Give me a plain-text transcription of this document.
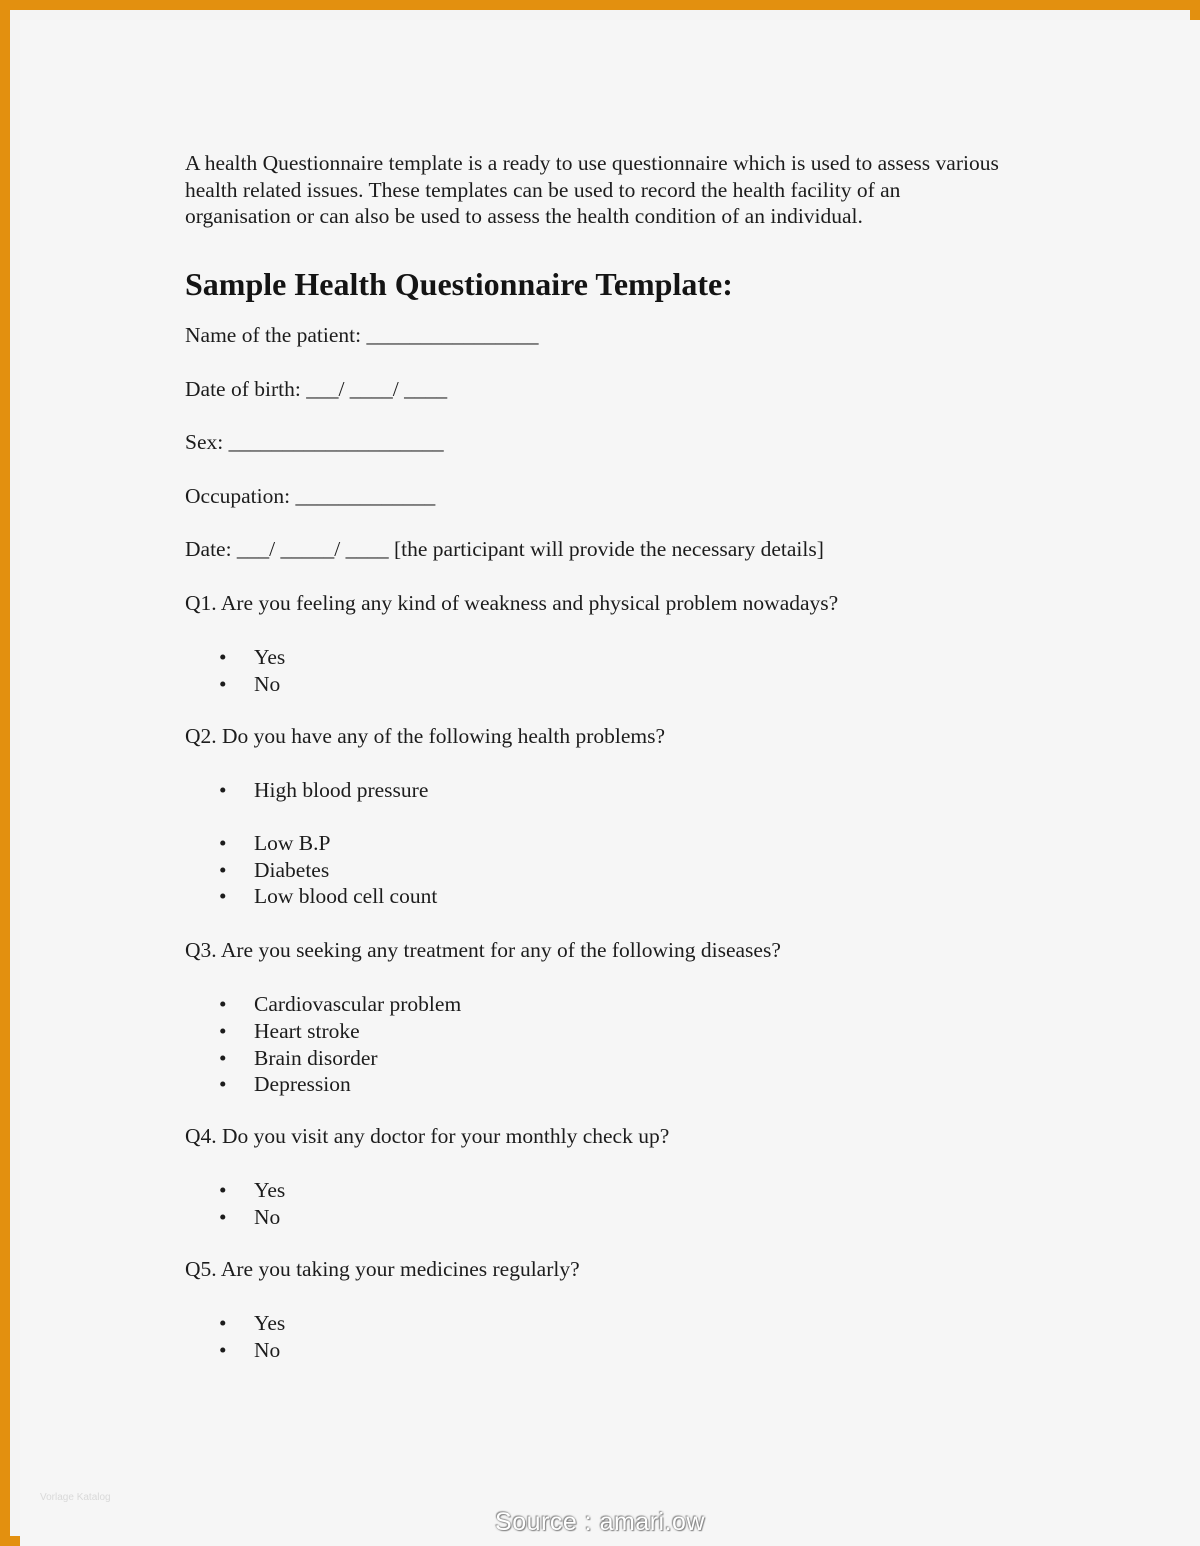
A health Questionnaire template is a ready to use questionnaire which is used to assess various health related issues. These templates can be used to record the health facility of an organisation or can also be used to assess the health condition of an individual.

Sample Health Questionnaire Template:

Name of the patient: ________________

Date of birth: ___/ ____/ ____

Sex: ____________________

Occupation: _____________

Date: ___/ _____/ ____ [the participant will provide the necessary details]

Q1. Are you feeling any kind of weakness and physical problem nowadays?

• Yes
• No

Q2. Do you have any of the following health problems?

• High blood pressure
• Low B.P
• Diabetes
• Low blood cell count

Q3. Are you seeking any treatment for any of the following diseases?

• Cardiovascular problem
• Heart stroke
• Brain disorder
• Depression

Q4. Do you visit any doctor for your monthly check up?

• Yes
• No

Q5. Are you taking your medicines regularly?

• Yes
• No
Vorlage Katalog
Source : amari.ow
